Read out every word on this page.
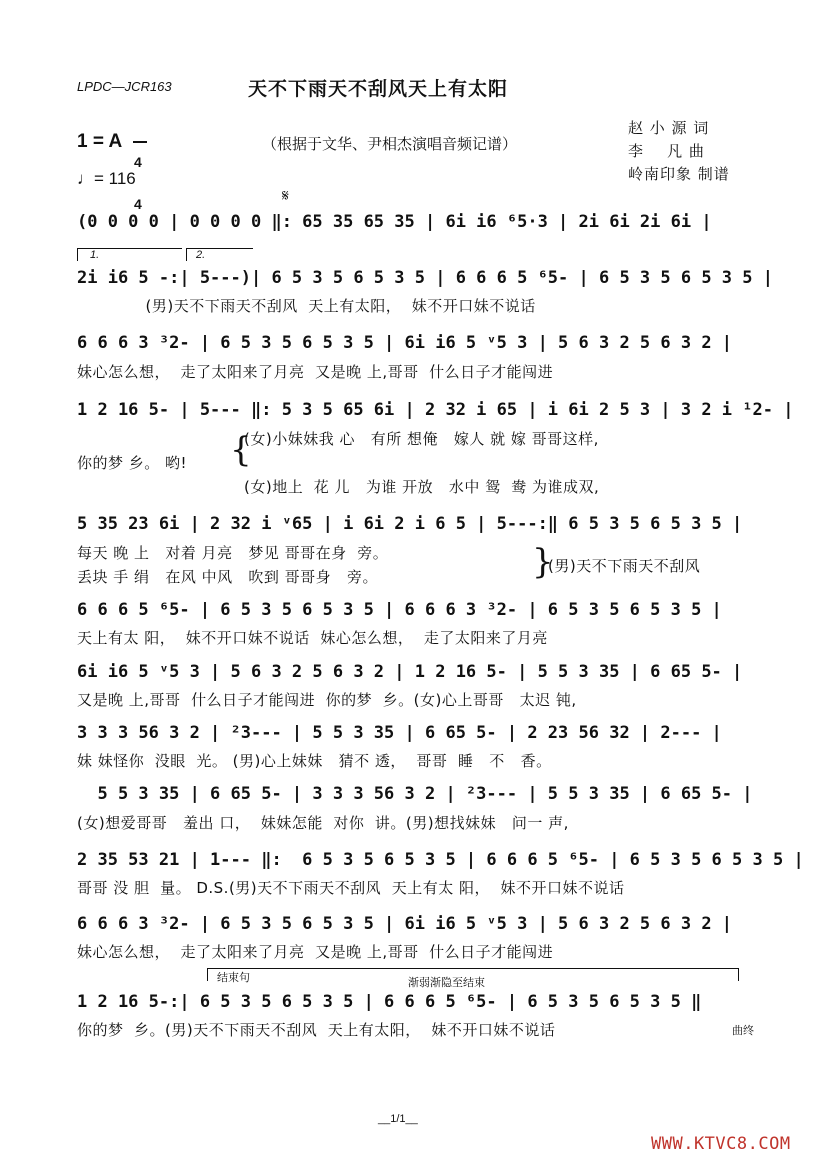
LPDC—JCR163	天不下雨天不刮风天上有太阳
赵 小 源 词
李    凡 曲
岭南印象 制谱
1 = A

4

4

（根据于文华、尹相杰演唱音频记谱）
♩= 116
𝄋
(0 0 0 0 | 0 0 0 0 ‖: 65 35 65 35 | 6i i6 ⁶5·3 | 2i 6i 2i 6i |
1.	2.
2i i6 5 -:| 5---)| 6 5 3 5 6 5 3 5 | 6 6 6 5 ⁶5- | 6 5 3 5 6 5 3 5 |
(男)天不下雨天不刮风  天上有太阳，  妹不开口妹不说话
6 6 6 3 ³2- | 6 5 3 5 6 5 3 5 | 6i i6 5 ᵛ5 3 | 5 6 3 2 5 6 3 2 |
妹心怎么想，  走了太阳来了月亮  又是晚 上,哥哥  什么日子才能闯进
1 2 16 5- | 5--- ‖: 5 3 5 65 6i | 2 32 i 65 | i 6i 2 5 3 | 3 2 i ¹2- |
你的梦 乡。 哟! {
(女)小妹妹我 心   有所 想俺   嫁人 就 嫁 哥哥这样,
(女)地上  花 儿   为谁 开放   水中 鸳  鸯 为谁成双,
5 35 23 6i | 2 32 i ᵛ65 | i 6i 2 i 6 5 | 5---:‖ 6 5 3 5 6 5 3 5 |
每天 晚 上   对着 月亮   梦见 哥哥在身  旁。
丢块 手 绢   在风 中风   吹到 哥哥身   旁。	}
(男)天不下雨天不刮风
6 6 6 5 ⁶5- | 6 5 3 5 6 5 3 5 | 6 6 6 3 ³2- | 6 5 3 5 6 5 3 5 |
天上有太 阳，  妹不开口妹不说话  妹心怎么想，  走了太阳来了月亮
6i i6 5 ᵛ5 3 | 5 6 3 2 5 6 3 2 | 1 2 16 5- | 5 5 3 35 | 6 65 5- |
又是晚 上,哥哥  什么日子才能闯进  你的梦  乡。(女)心上哥哥   太迟 钝,
3 3 3 56 3 2 | ²3--- | 5 5 3 35 | 6 65 5- | 2 23 56 32 | 2--- |
妹 妹怪你  没眼  光。 (男)心上妹妹   猜不 透，  哥哥  睡   不   香。
5 5 3 35 | 6 65 5- | 3 3 3 56 3 2 | ²3--- | 5 5 3 35 | 6 65 5- |
(女)想爱哥哥   羞出 口，  妹妹怎能  对你  讲。(男)想找妹妹   问一 声,
2 35 53 21 | 1--- ‖:  6 5 3 5 6 5 3 5 | 6 6 6 5 ⁶5- | 6 5 3 5 6 5 3 5 |
哥哥 没 胆  量。 D.S.(男)天不下雨天不刮风  天上有太 阳，  妹不开口妹不说话
6 6 6 3 ³2- | 6 5 3 5 6 5 3 5 | 6i i6 5 ᵛ5 3 | 5 6 3 2 5 6 3 2 |
妹心怎么想，  走了太阳来了月亮  又是晚 上,哥哥  什么日子才能闯进
结束句	渐弱渐隐至结束
1 2 16 5-:| 6 5 3 5 6 5 3 5 | 6 6 6 5 ⁶5- | 6 5 3 5 6 5 3 5 ‖
你的梦  乡。(男)天不下雨天不刮风  天上有太阳，  妹不开口妹不说话	曲终
__1/1__
WWW.KTVC8.COM
